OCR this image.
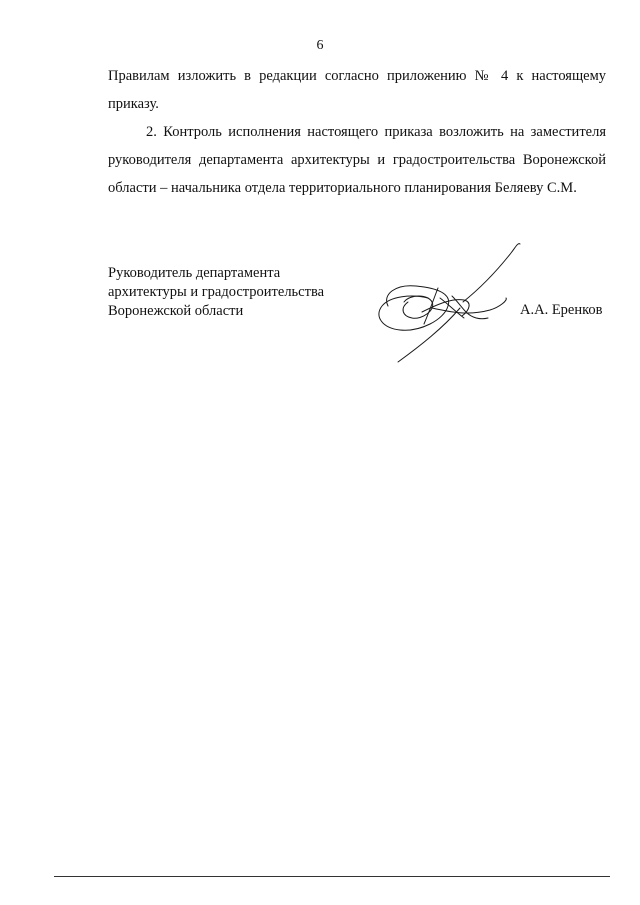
6

Правилам изложить в редакции согласно приложению № 4 к настоящему приказу.

2. Контроль исполнения настоящего приказа возложить на заместителя руководителя департамента архитектуры и градостроительства Воронежской области – начальника отдела территориального планирования Беляеву С.М.

Руководитель департамента
архитектуры и градостроительства
Воронежской области	А.А. Еренков
